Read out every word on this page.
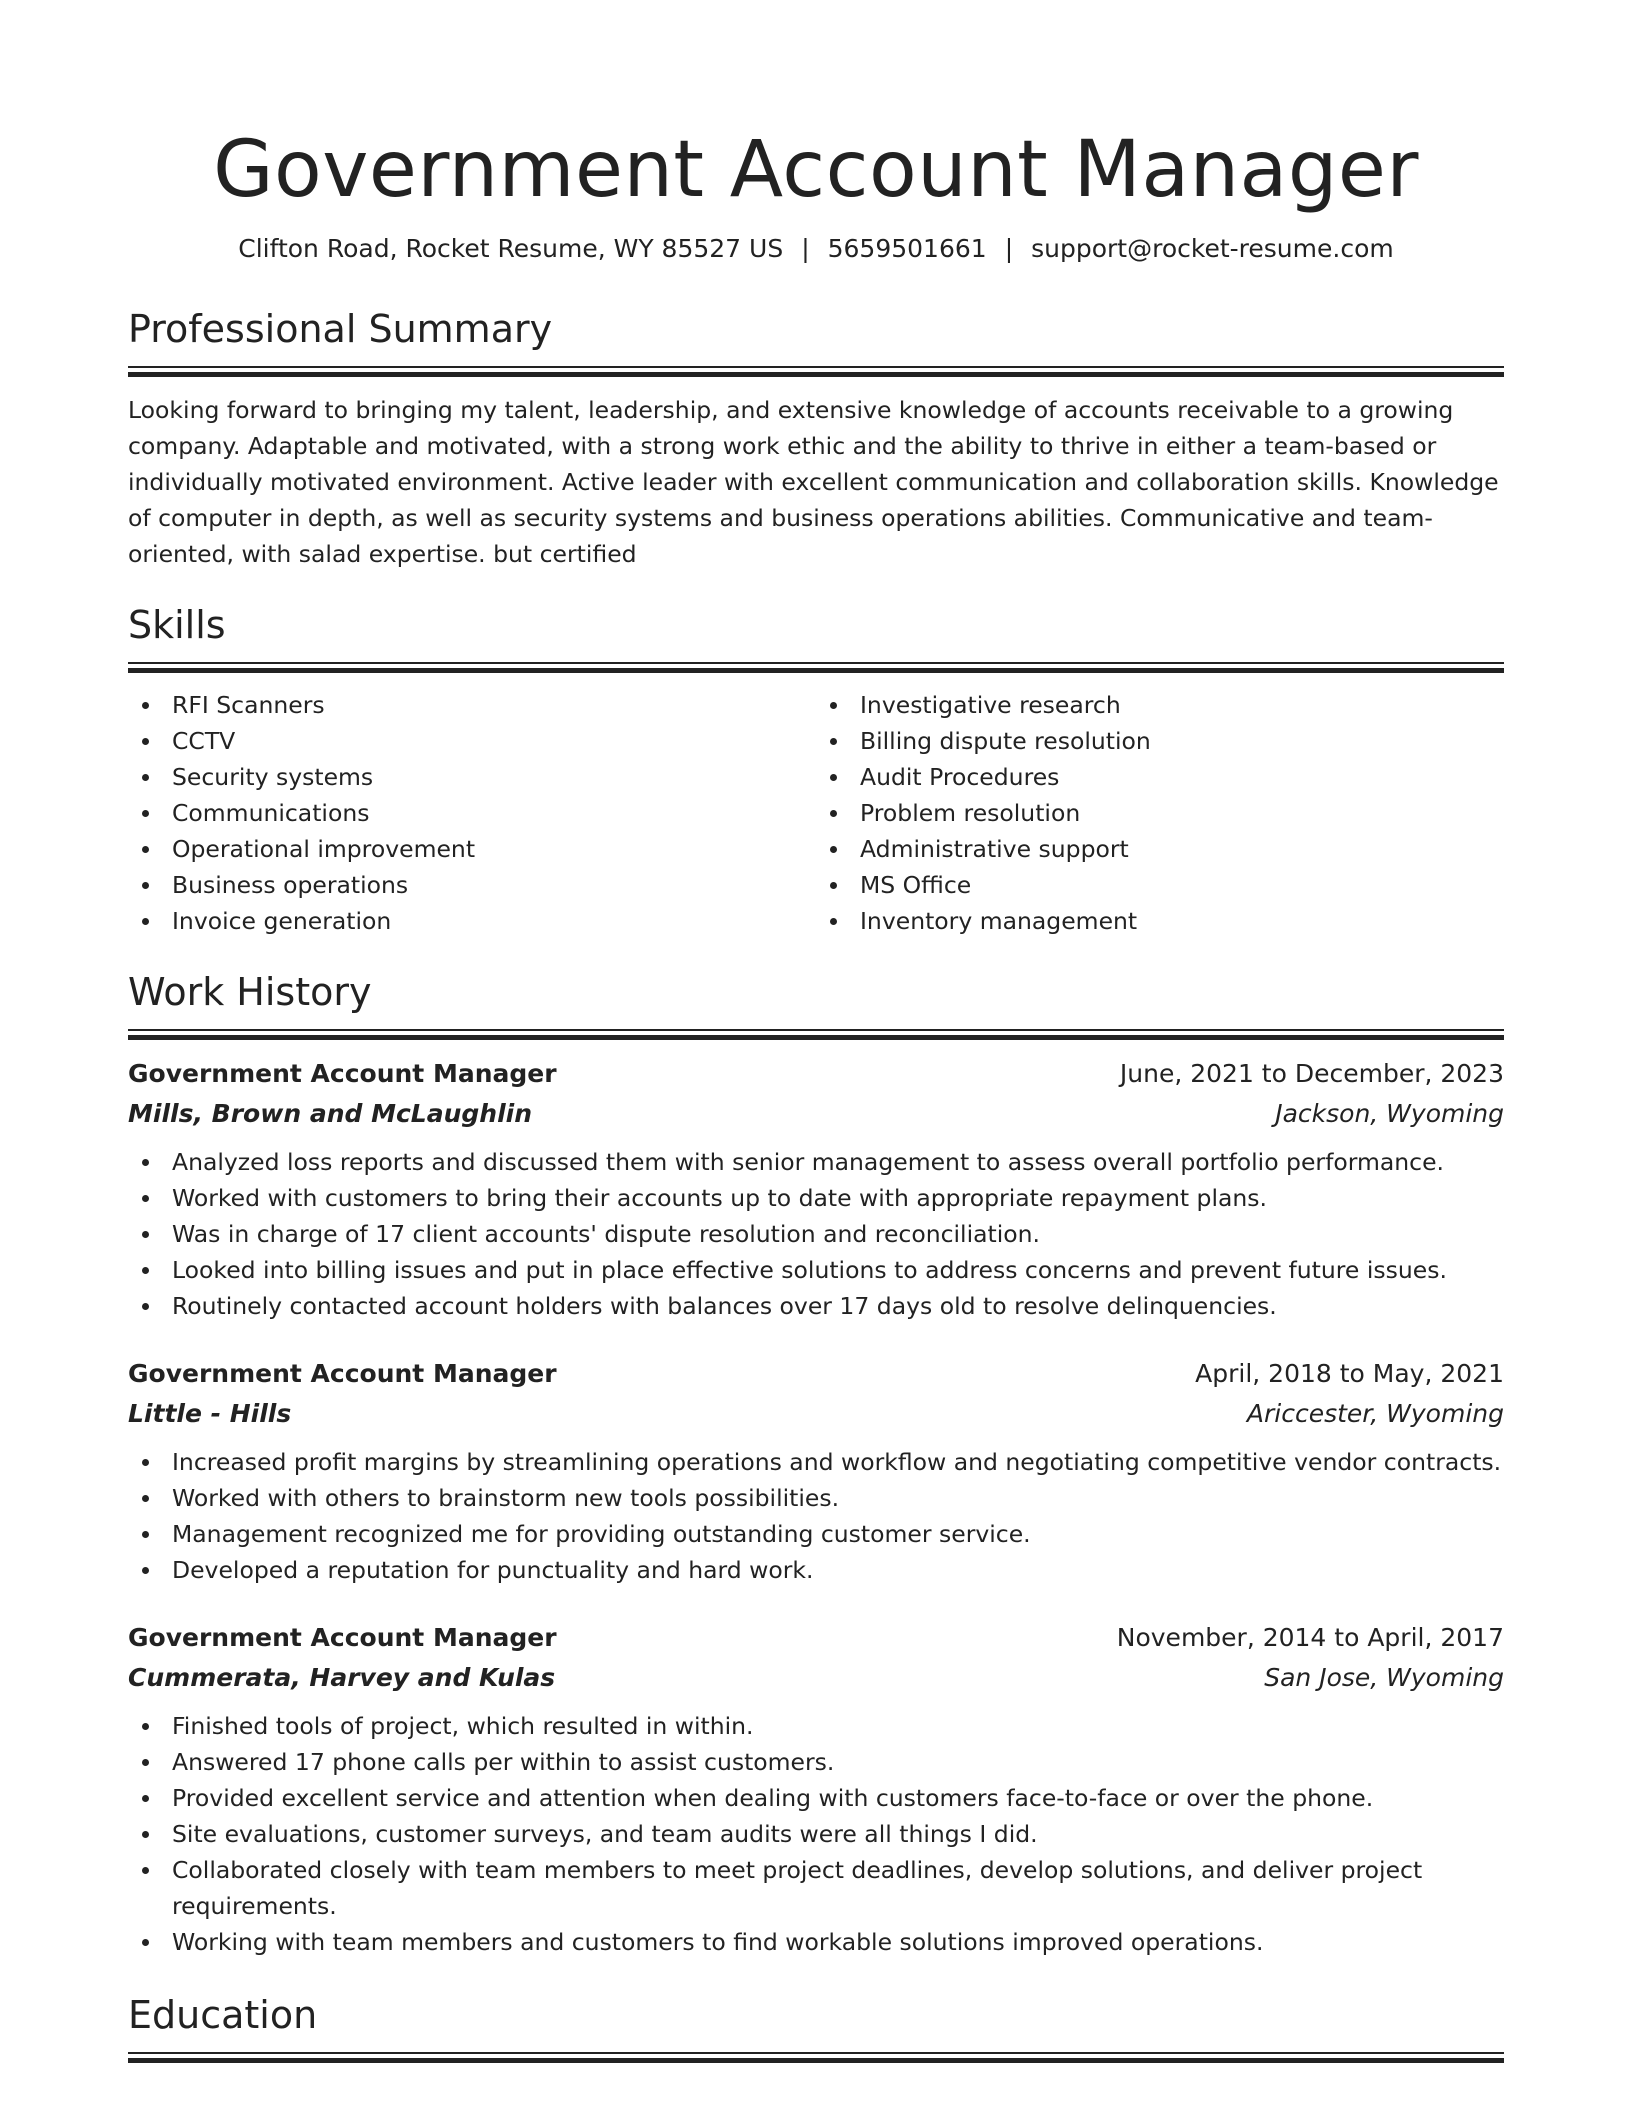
Government Account Manager
Clifton Road, Rocket Resume, WY 85527 US | 5659501661 | support@rocket-resume.com
Professional Summary

Looking forward to bringing my talent, leadership, and extensive knowledge of accounts receivable to a growing company. Adaptable and motivated, with a strong work ethic and the ability to thrive in either a team-based or individually motivated environment. Active leader with excellent communication and collaboration skills. Knowledge of computer in depth, as well as security systems and business operations abilities. Communicative and team-oriented, with salad expertise. but certified

Skills
RFI Scanners
CCTV
Security systems
Communications
Operational improvement
Business operations
Invoice generation
Investigative research
Billing dispute resolution
Audit Procedures
Problem resolution
Administrative support
MS Office
Inventory management
Work History
Government Account Manager	June, 2021 to December, 2023
Mills, Brown and McLaughlin	Jackson, Wyoming
Analyzed loss reports and discussed them with senior management to assess overall portfolio performance.
Worked with customers to bring their accounts up to date with appropriate repayment plans.
Was in charge of 17 client accounts' dispute resolution and reconciliation.
Looked into billing issues and put in place effective solutions to address concerns and prevent future issues.
Routinely contacted account holders with balances over 17 days old to resolve delinquencies.
Government Account Manager	April, 2018 to May, 2021
Little - Hills	Ariccester, Wyoming
Increased profit margins by streamlining operations and workflow and negotiating competitive vendor contracts.
Worked with others to brainstorm new tools possibilities.
Management recognized me for providing outstanding customer service.
Developed a reputation for punctuality and hard work.
Government Account Manager	November, 2014 to April, 2017
Cummerata, Harvey and Kulas	San Jose, Wyoming
Finished tools of project, which resulted in within.
Answered 17 phone calls per within to assist customers.
Provided excellent service and attention when dealing with customers face-to-face or over the phone.
Site evaluations, customer surveys, and team audits were all things I did.
Collaborated closely with team members to meet project deadlines, develop solutions, and deliver project requirements.
Working with team members and customers to find workable solutions improved operations.
Education
